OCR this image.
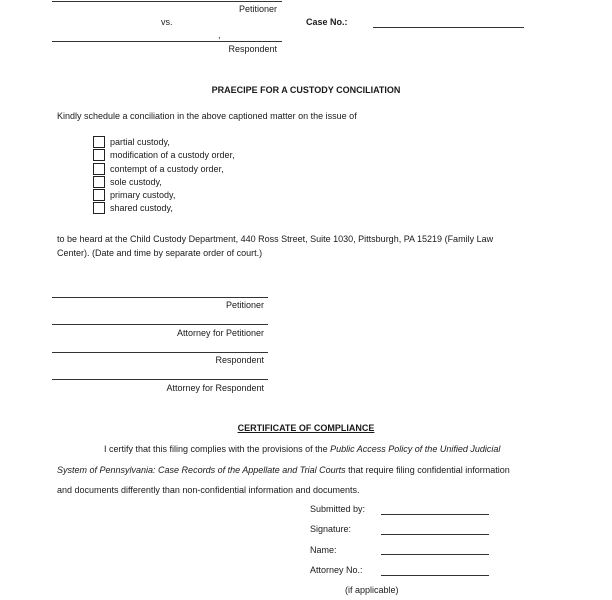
Petitioner
vs.	Case No.:
,
Respondent
PRAECIPE FOR A CUSTODY CONCILIATION
Kindly schedule a conciliation in the above captioned matter on the issue of
partial custody,
modification of a custody order,
contempt of a custody order,
sole custody,
primary custody,
shared custody,
to be heard at the Child Custody Department, 440 Ross Street, Suite 1030, Pittsburgh, PA 15219 (Family Law
Center). (Date and time by separate order of court.)
Petitioner
Attorney for Petitioner
Respondent
Attorney for Respondent
CERTIFICATE OF COMPLIANCE
I certify that this filing complies with the provisions of the Public Access Policy of the Unified Judicial
System of Pennsylvania: Case Records of the Appellate and Trial Courts that require filing confidential information
and documents differently than non-confidential information and documents.
Submitted by:
Signature:
Name:
Attorney No.:
(if applicable)
